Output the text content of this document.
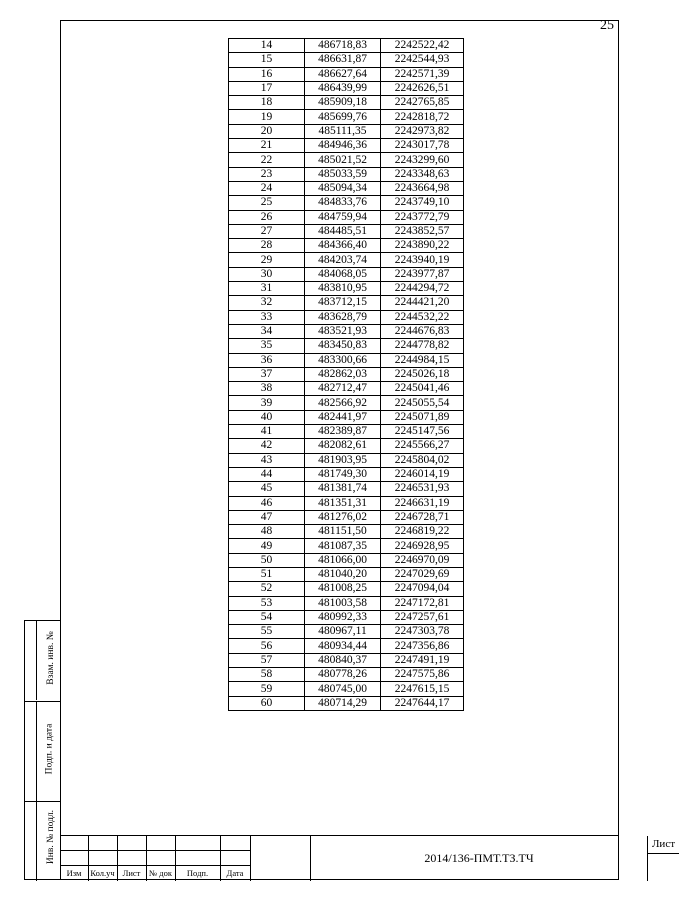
25
14	486718,83	2242522,42
15	486631,87	2242544,93
16	486627,64	2242571,39
17	486439,99	2242626,51
18	485909,18	2242765,85
19	485699,76	2242818,72
20	485111,35	2242973,82
21	484946,36	2243017,78
22	485021,52	2243299,60
23	485033,59	2243348,63
24	485094,34	2243664,98
25	484833,76	2243749,10
26	484759,94	2243772,79
27	484485,51	2243852,57
28	484366,40	2243890,22
29	484203,74	2243940,19
30	484068,05	2243977,87
31	483810,95	2244294,72
32	483712,15	2244421,20
33	483628,79	2244532,22
34	483521,93	2244676,83
35	483450,83	2244778,82
36	483300,66	2244984,15
37	482862,03	2245026,18
38	482712,47	2245041,46
39	482566,92	2245055,54
40	482441,97	2245071,89
41	482389,87	2245147,56
42	482082,61	2245566,27
43	481903,95	2245804,02
44	481749,30	2246014,19
45	481381,74	2246531,93
46	481351,31	2246631,19
47	481276,02	2246728,71
48	481151,50	2246819,22
49	481087,35	2246928,95
50	481066,00	2246970,09
51	481040,20	2247029,69
52	481008,25	2247094,04
53	481003,58	2247172,81
54	480992,33	2247257,61
55	480967,11	2247303,78
56	480934,44	2247356,86
57	480840,37	2247491,19
58	480778,26	2247575,86
59	480745,00	2247615,15
60	480714,29	2247644,17
Взам. инв. №
Подп. и дата
Инв. № подл.
Изм	Кол.уч Лист	№ док	Подп.	Дата
2014/136-ПМТ.ТЗ.ТЧ
Лист
